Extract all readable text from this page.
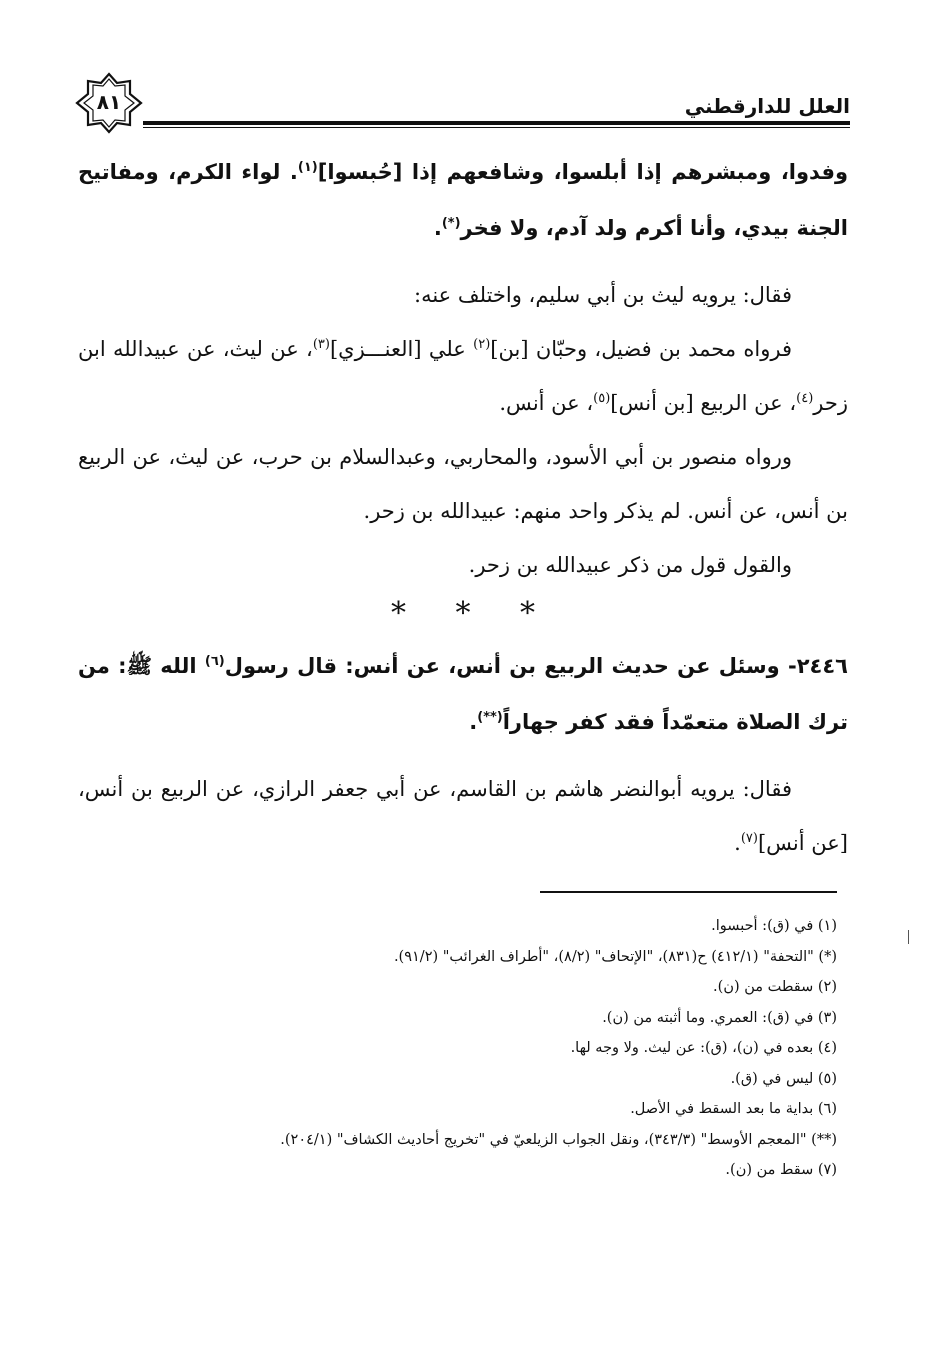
العلل للدارقطني
٨١

وفدوا، ومبشرهم إذا أبلسوا، وشافعهم إذا [حُبسوا]$^{(١)}$. لواء الكرم، ومفاتيح الجنة بيدي، وأنا أكرم ولد آدم، ولا فخر(*).

فقال: يرويه ليث بن أبي سليم، واختلف عنه:

فرواه محمد بن فضيل، وحبّان [بن]$^{(٢)}$ علي [العنـــزي]$^{(٣)}$، عن ليث، عن عبيدالله ابن زحر$^{(٤)}$، عن الربيع [بن أنس]$^{(٥)}$، عن أنس.

ورواه منصور بن أبي الأسود، والمحاربي، وعبدالسلام بن حرب، عن ليث، عن الربيع بن أنس، عن أنس. لم يذكر واحد منهم: عبيدالله بن زحر.

والقول قول من ذكر عبيدالله بن زحر.

* * *

٢٤٤٦- وسئل عن حديث الربيع بن أنس، عن أنس: قال رسول$^{(٦)}$ الله ﷺ: من ترك الصلاة متعمّداً فقد كفر جهاراً(**).

فقال: يرويه أبوالنضر هاشم بن القاسم، عن أبي جعفر الرازي، عن الربيع بن أنس، [عن أنس]$^{(٧)}$.

(١) في (ق): أحبسوا.

(*) "التحفة" (٤١٢/١) ح(٨٣١)، "الإتحاف" (٨/٢)، "أطراف الغرائب" (٩١/٢).

(٢) سقطت من (ن).

(٣) في (ق): العمري. وما أثبته من (ن).

(٤) بعده في (ن)، (ق): عن ليث. ولا وجه لها.

(٥) ليس في (ق).

(٦) بداية ما بعد السقط في الأصل.

(**) "المعجم الأوسط" (٣٤٣/٣)، ونقل الجواب الزيلعيّ في "تخريج أحاديث الكشاف" (٢٠٤/١).

(٧) سقط من (ن).
